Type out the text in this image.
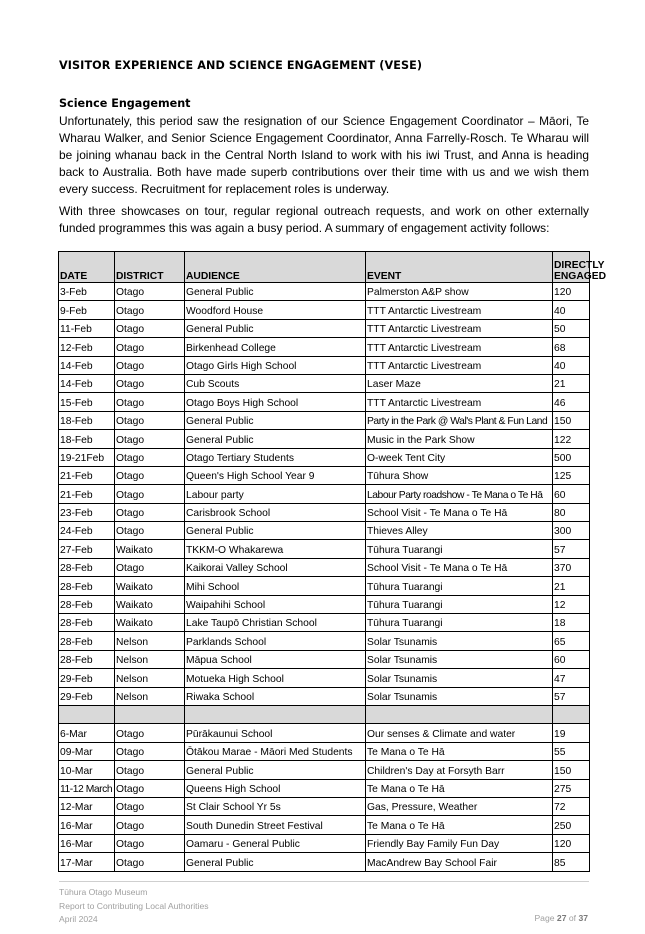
VISITOR EXPERIENCE AND SCIENCE ENGAGEMENT (VESE)
Science Engagement
Unfortunately, this period saw the resignation of our Science Engagement Coordinator – Māori, Te Wharau Walker, and Senior Science Engagement Coordinator, Anna Farrelly-Rosch. Te Wharau will be joining whanau back in the Central North Island to work with his iwi Trust, and Anna is heading back to Australia. Both have made superb contributions over their time with us and we wish them every success. Recruitment for replacement roles is underway.
With three showcases on tour, regular regional outreach requests, and work on other externally funded programmes this was again a busy period. A summary of engagement activity follows:
DATE	DISTRICT	AUDIENCE	EVENT	DIRECTLY ENGAGED
3-Feb	Otago	General Public	Palmerston A&P show	120
9-Feb	Otago	Woodford House	TTT Antarctic Livestream	40
11-Feb	Otago	General Public	TTT Antarctic Livestream	50
12-Feb	Otago	Birkenhead College	TTT Antarctic Livestream	68
14-Feb	Otago	Otago Girls High School	TTT Antarctic Livestream	40
14-Feb	Otago	Cub Scouts	Laser Maze	21
15-Feb	Otago	Otago Boys High School	TTT Antarctic Livestream	46
18-Feb	Otago	General Public	Party in the Park @ Wal's Plant & Fun Land	150
18-Feb	Otago	General Public	Music in the Park Show	122
19-21Feb	Otago	Otago Tertiary Students	O-week Tent City	500
21-Feb	Otago	Queen's High School Year 9	Tūhura Show	125
21-Feb	Otago	Labour party	Labour Party roadshow - Te Mana o Te Hā	60
23-Feb	Otago	Carisbrook School	School Visit - Te Mana o Te Hā	80
24-Feb	Otago	General Public	Thieves Alley	300
27-Feb	Waikato	TKKM-O Whakarewa	Tūhura Tuarangi	57
28-Feb	Otago	Kaikorai Valley School	School Visit - Te Mana o Te Hā	370
28-Feb	Waikato	Mihi School	Tūhura Tuarangi	21
28-Feb	Waikato	Waipahihi School	Tūhura Tuarangi	12
28-Feb	Waikato	Lake Taupō Christian School	Tūhura Tuarangi	18
28-Feb	Nelson	Parklands School	Solar Tsunamis	65
28-Feb	Nelson	Māpua School	Solar Tsunamis	60
29-Feb	Nelson	Motueka High School	Solar Tsunamis	47
29-Feb	Nelson	Riwaka School	Solar Tsunamis	57

6-Mar	Otago	Pūrākaunui School	Our senses & Climate and water	19
09-Mar	Otago	Ōtākou Marae - Māori Med Students	Te Mana o Te Hā	55
10-Mar	Otago	General Public	Children's Day at Forsyth Barr	150
11-12 March	Otago	Queens High School	Te Mana o Te Hā	275
12-Mar	Otago	St Clair School Yr 5s	Gas, Pressure, Weather	72
16-Mar	Otago	South Dunedin Street Festival	Te Mana o Te Hā	250
16-Mar	Otago	Oamaru - General Public	Friendly Bay Family Fun Day	120
17-Mar	Otago	General Public	MacAndrew Bay School Fair	85
Tūhura Otago Museum
Report to Contributing Local Authorities
April 2024	Page 27 of 37
